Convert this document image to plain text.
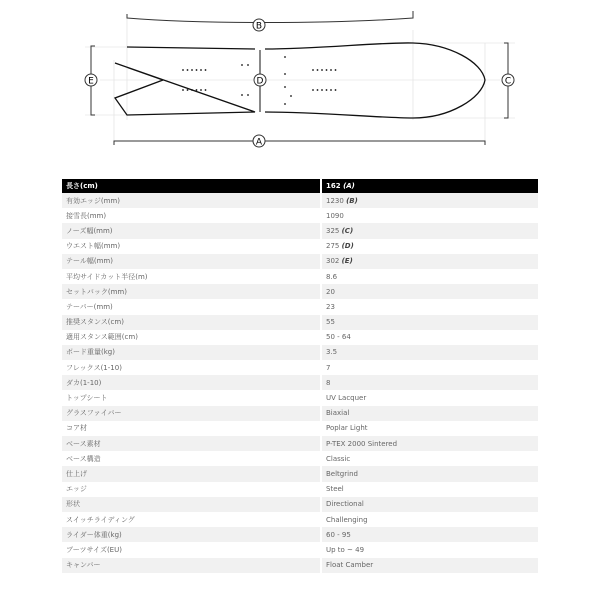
B
A
D
E	C
長さ(cm)	162 (A)
有効エッジ(mm)	1230 (B)
接雪長(mm)	1090
ノーズ幅(mm)	325 (C)
ウエスト幅(mm)	275 (D)
テール幅(mm)	302 (E)
平均サイドカット半径(m)	8.6
セットバック(mm)	20
テーパー(mm)	23
推奨スタンス(cm)	55
適用スタンス範囲(cm)	50 - 64
ボード重量(kg)	3.5
フレックス(1-10)	7
ダカ(1-10)	8
トップシート	UV Lacquer
グラスファイバー	Biaxial
コア材	Poplar Light
ベース素材	P-TEX 2000 Sintered
ベース構造	Classic
仕上げ	Beltgrind
エッジ	Steel
形状	Directional
スイッチライディング	Challenging
ライダー体重(kg)	60 - 95
ブーツサイズ(EU)	Up to ~ 49
キャンバー	Float Camber
